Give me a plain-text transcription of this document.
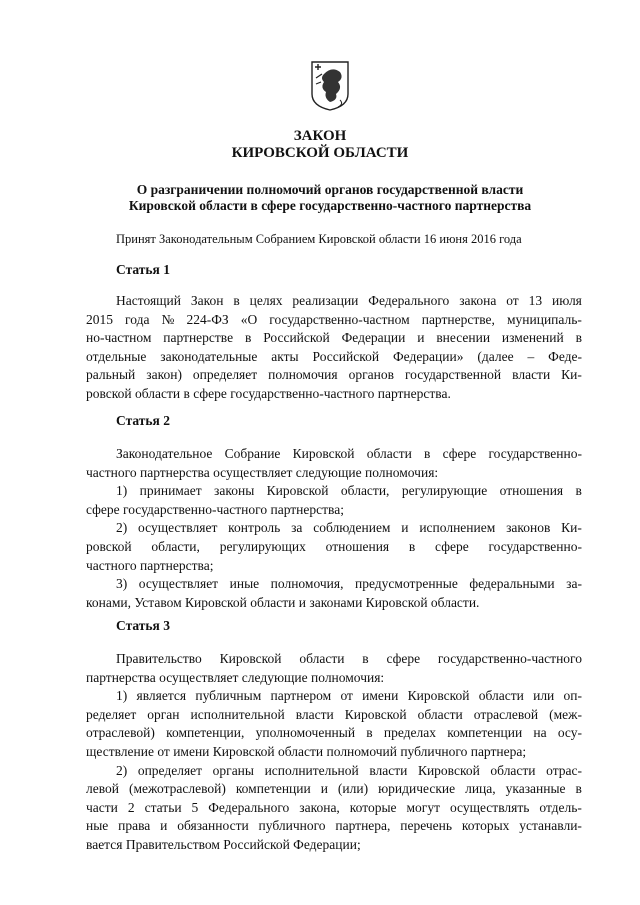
ЗАКОН
КИРОВСКОЙ ОБЛАСТИ
О разграничении полномочий органов государственной власти
Кировской области в сфере государственно-частного партнерства
Принят Законодательным Собранием Кировской области 16 июня 2016 года
Статья 1
Настоящий Закон в целях реализации Федерального закона от 13 июля
2015 года № 224-ФЗ «О государственно-частном партнерстве, муниципаль-
но-частном партнерстве в Российской Федерации и внесении изменений в
отдельные законодательные акты Российской Федерации» (далее – Феде-
ральный закон) определяет полномочия органов государственной власти Ки-
ровской области в сфере государственно-частного партнерства.
Статья 2
Законодательное Собрание Кировской области в сфере государственно-
частного партнерства осуществляет следующие полномочия:
1) принимает законы Кировской области, регулирующие отношения в
сфере государственно-частного партнерства;
2) осуществляет контроль за соблюдением и исполнением законов Ки-
ровской области, регулирующих отношения в сфере государственно-
частного партнерства;
3) осуществляет иные полномочия, предусмотренные федеральными за-
конами, Уставом Кировской области и законами Кировской области.
Статья 3
Правительство Кировской области в сфере государственно-частного
партнерства осуществляет следующие полномочия:
1) является публичным партнером от имени Кировской области или оп-
ределяет орган исполнительной власти Кировской области отраслевой (меж-
отраслевой) компетенции, уполномоченный в пределах компетенции на осу-
ществление от имени Кировской области полномочий публичного партнера;
2) определяет органы исполнительной власти Кировской области отрас-
левой (межотраслевой) компетенции и (или) юридические лица, указанные в
части 2 статьи 5 Федерального закона, которые могут осуществлять отдель-
ные права и обязанности публичного партнера, перечень которых устанавли-
вается Правительством Российской Федерации;
